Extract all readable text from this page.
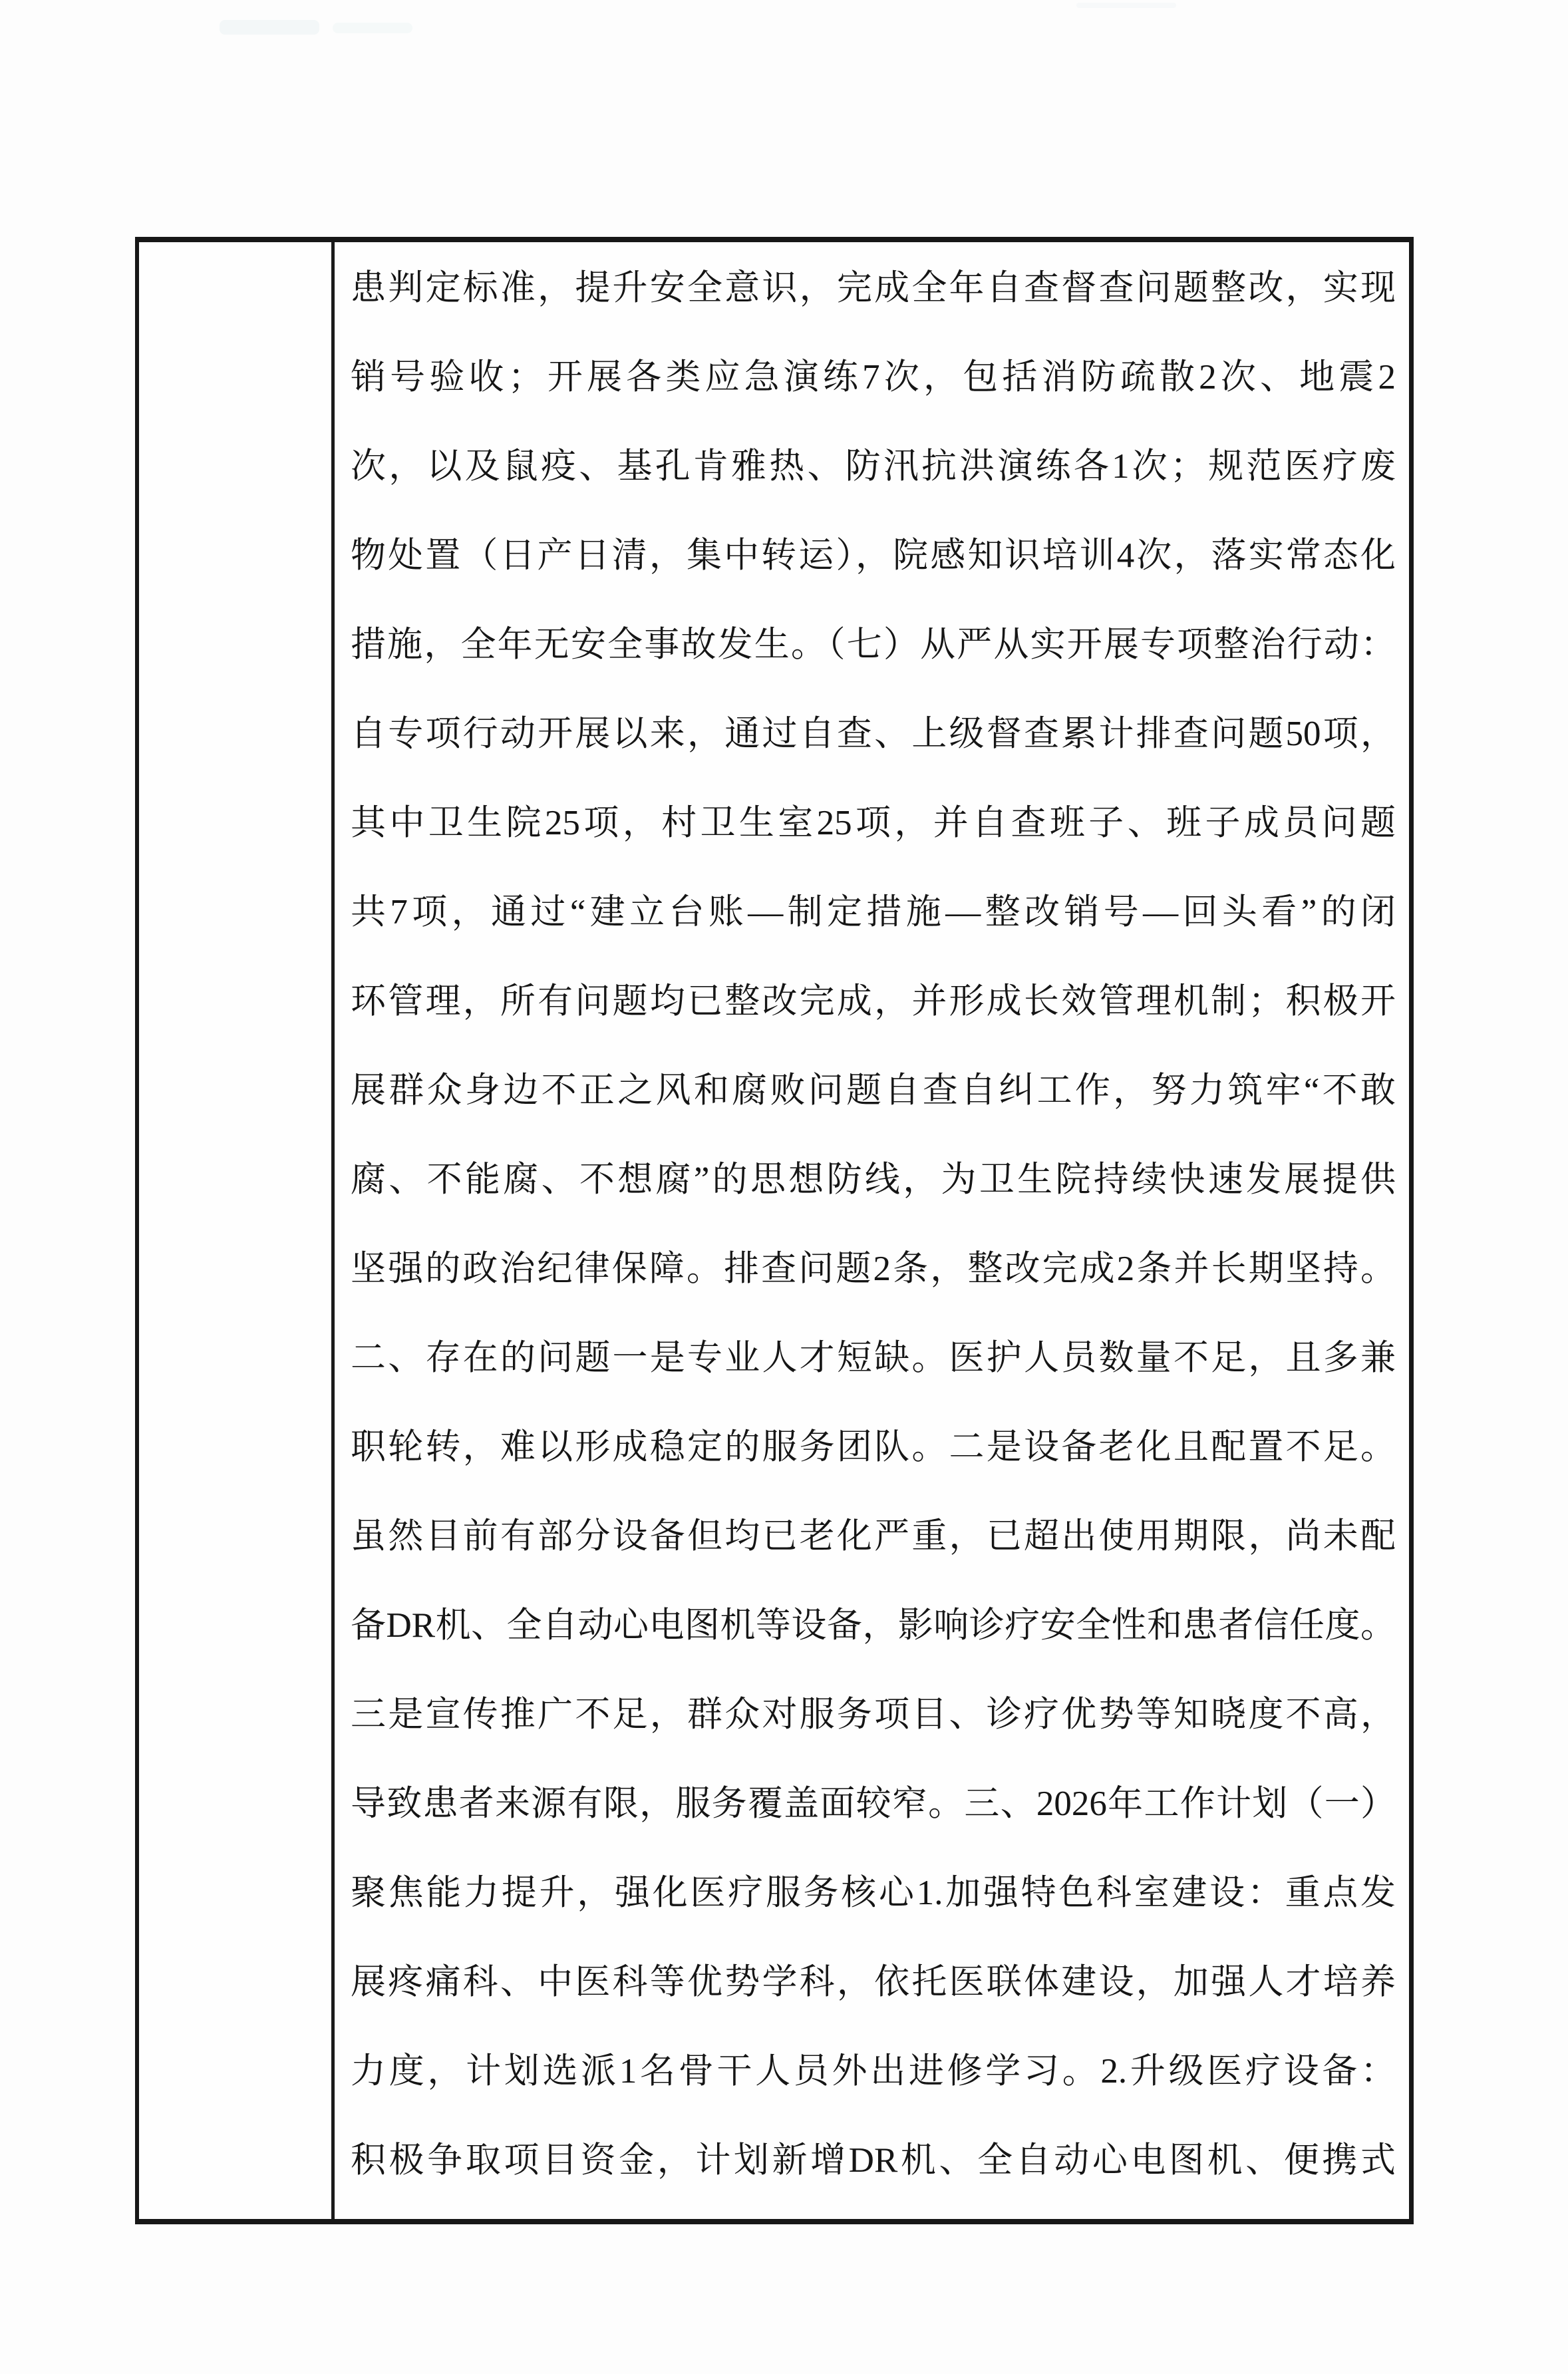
患判定标准，提升安全意识，完成全年自查督查问题整改，实现
销号验收；开展各类应急演练7次，包括消防疏散2次、地震2
次，以及鼠疫、基孔肯雅热、防汛抗洪演练各1次；规范医疗废
物处置（日产日清，集中转运），院感知识培训4次，落实常态化
措施，全年无安全事故发生。（七）从严从实开展专项整治行动：
自专项行动开展以来，通过自查、上级督查累计排查问题50项，
其中卫生院25项，村卫生室25项，并自查班子、班子成员问题
共7项，通过“建立台账—制定措施—整改销号—回头看”的闭
环管理，所有问题均已整改完成，并形成长效管理机制；积极开
展群众身边不正之风和腐败问题自查自纠工作，努力筑牢“不敢
腐、不能腐、不想腐”的思想防线，为卫生院持续快速发展提供
坚强的政治纪律保障。排查问题2条，整改完成2条并长期坚持。
二、存在的问题一是专业人才短缺。医护人员数量不足，且多兼
职轮转，难以形成稳定的服务团队。二是设备老化且配置不足。
虽然目前有部分设备但均已老化严重，已超出使用期限，尚未配
备DR机、全自动心电图机等设备，影响诊疗安全性和患者信任度。
三是宣传推广不足，群众对服务项目、诊疗优势等知晓度不高，
导致患者来源有限，服务覆盖面较窄。三、2026年工作计划（一）
聚焦能力提升，强化医疗服务核心1.加强特色科室建设：重点发
展疼痛科、中医科等优势学科，依托医联体建设，加强人才培养
力度，计划选派1名骨干人员外出进修学习。2.升级医疗设备：
积极争取项目资金，计划新增DR机、全自动心电图机、便携式
